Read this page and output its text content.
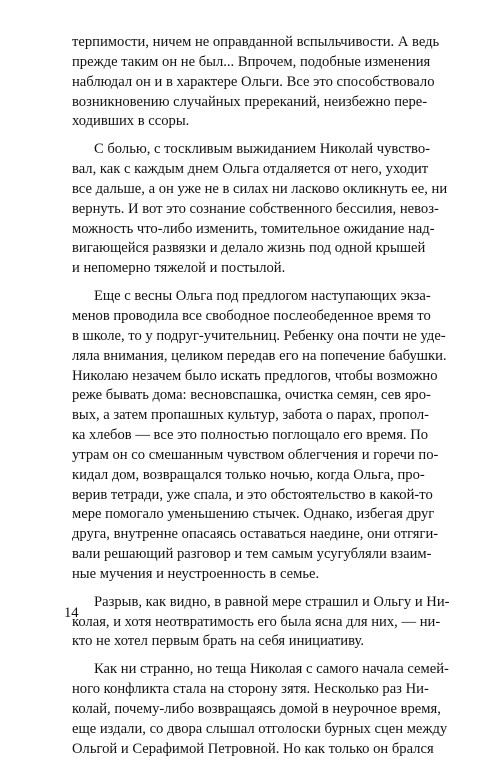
терпимости, ничем не оправданной вспыльчивости. А ведь
прежде таким он не был... Впрочем, подобные изменения
наблюдал он и в характере Ольги. Все это способствовало
возникновению случайных пререканий, неизбежно пере-
ходивших в ссоры.
С болью, с тоскливым выжиданием Николай чувство-
вал, как с каждым днем Ольга отдаляется от него, уходит
все дальше, а он уже не в силах ни ласково окликнуть ее, ни
вернуть. И вот это сознание собственного бессилия, невоз-
можность что-либо изменить, томительное ожидание над-
вигающейся развязки и делало жизнь под одной крышей
и непомерно тяжелой и постылой.
Еще с весны Ольга под предлогом наступающих экза-
менов проводила все свободное послеобеденное время то
в школе, то у подруг-учительниц. Ребенку она почти не уде-
ляла внимания, целиком передав его на попечение бабушки.
Николаю незачем было искать предлогов, чтобы возможно
реже бывать дома: весновспашка, очистка семян, сев яро-
вых, а затем пропашных культур, забота о парах, пропол-
ка хлебов — все это полностью поглощало его время. По
утрам он со смешанным чувством облегчения и горечи по-
кидал дом, возвращался только ночью, когда Ольга, про-
верив тетради, уже спала, и это обстоятельство в какой-то
мере помогало уменьшению стычек. Однако, избегая друг
друга, внутренне опасаясь оставаться наедине, они отгяги-
вали решающий разговор и тем самым усугубляли взаим-
ные мучения и неустроенность в семье.
Разрыв, как видно, в равной мере страшил и Ольгу и Ни-
колая, и хотя неотвратимость его была ясна для них, — ни-
кто не хотел первым брать на себя инициативу.
Как ни странно, но теща Николая с самого начала семей-
ного конфликта стала на сторону зятя. Несколько раз Ни-
колай, почему-либо возвращаясь домой в неурочное время,
еще издали, со двора слышал отголоски бурных сцен между
Ольгой и Серафимой Петровной. Но как только он брался
14
